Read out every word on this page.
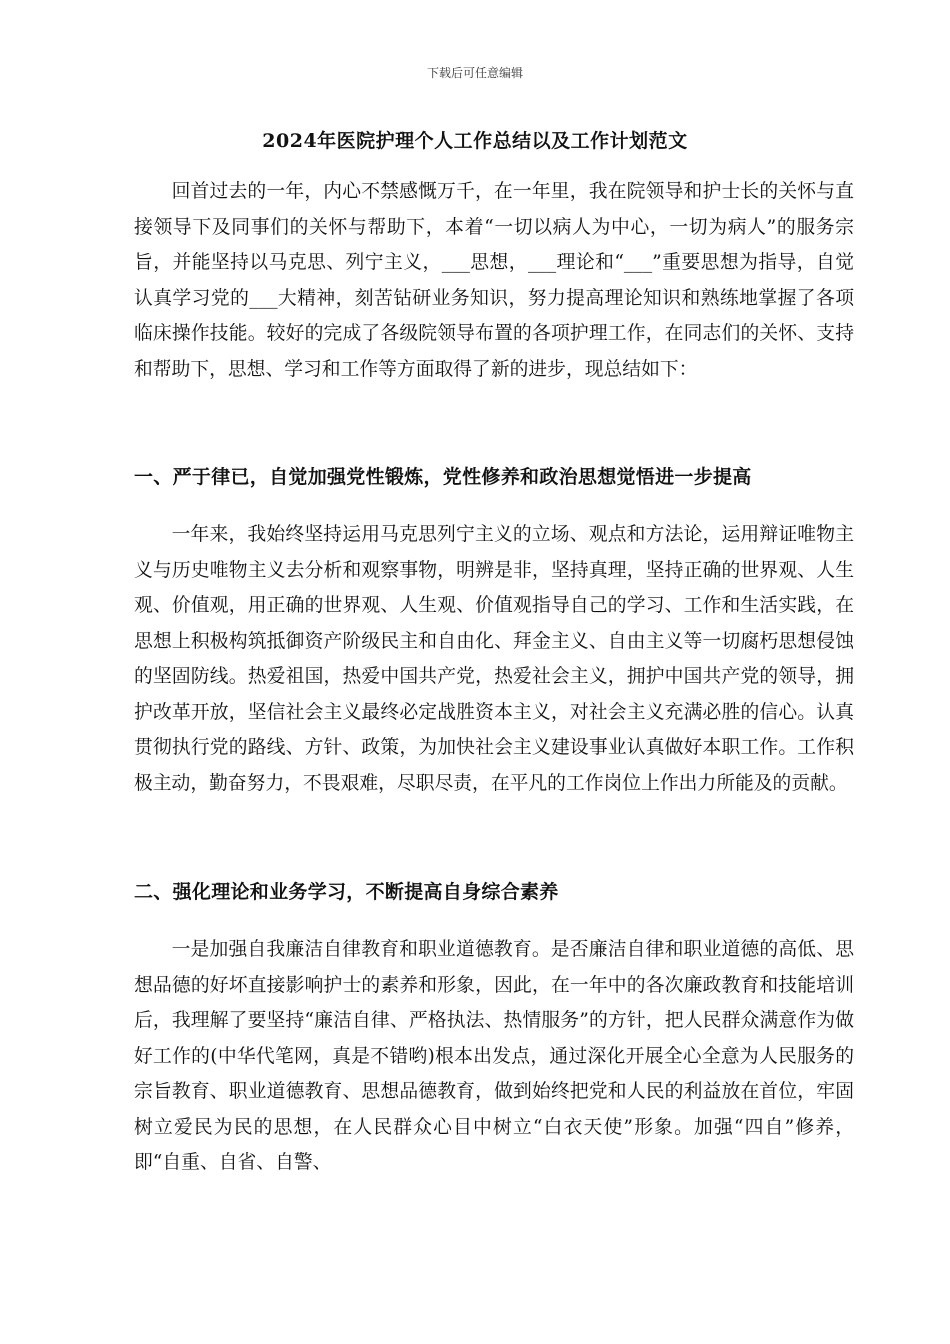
下载后可任意编辑
2024年医院护理个人工作总结以及工作计划范文

回首过去的一年，内心不禁感慨万千，在一年里，我在院领导和护士长的关怀与直接领导下及同事们的关怀与帮助下，本着“一切以病人为中心，一切为病人”的服务宗旨，并能坚持以马克思、列宁主义，___思想，___理论和“___”重要思想为指导，自觉认真学习党的___大精神，刻苦钻研业务知识，努力提高理论知识和熟练地掌握了各项临床操作技能。较好的完成了各级院领导布置的各项护理工作，在同志们的关怀、支持和帮助下，思想、学习和工作等方面取得了新的进步，现总结如下：

一、严于律已，自觉加强党性锻炼，党性修养和政治思想觉悟进一步提高

一年来，我始终坚持运用马克思列宁主义的立场、观点和方法论，运用辩证唯物主义与历史唯物主义去分析和观察事物，明辨是非，坚持真理，坚持正确的世界观、人生观、价值观，用正确的世界观、人生观、价值观指导自己的学习、工作和生活实践，在思想上积极构筑抵御资产阶级民主和自由化、拜金主义、自由主义等一切腐朽思想侵蚀的坚固防线。热爱祖国，热爱中国共产党，热爱社会主义，拥护中国共产党的领导，拥护改革开放，坚信社会主义最终必定战胜资本主义，对社会主义充满必胜的信心。认真贯彻执行党的路线、方针、政策，为加快社会主义建设事业认真做好本职工作。工作积极主动，勤奋努力，不畏艰难，尽职尽责，在平凡的工作岗位上作出力所能及的贡献。

二、强化理论和业务学习，不断提高自身综合素养

一是加强自我廉洁自律教育和职业道德教育。是否廉洁自律和职业道德的高低、思想品德的好坏直接影响护士的素养和形象，因此，在一年中的各次廉政教育和技能培训后，我理解了要坚持“廉洁自律、严格执法、热情服务”的方针，把人民群众满意作为做好工作的(中华代笔网，真是不错哟)根本出发点，通过深化开展全心全意为人民服务的宗旨教育、职业道德教育、思想品德教育，做到始终把党和人民的利益放在首位，牢固树立爱民为民的思想，在人民群众心目中树立“白衣天使”形象。加强“四自”修养，即“自重、自省、自警、
